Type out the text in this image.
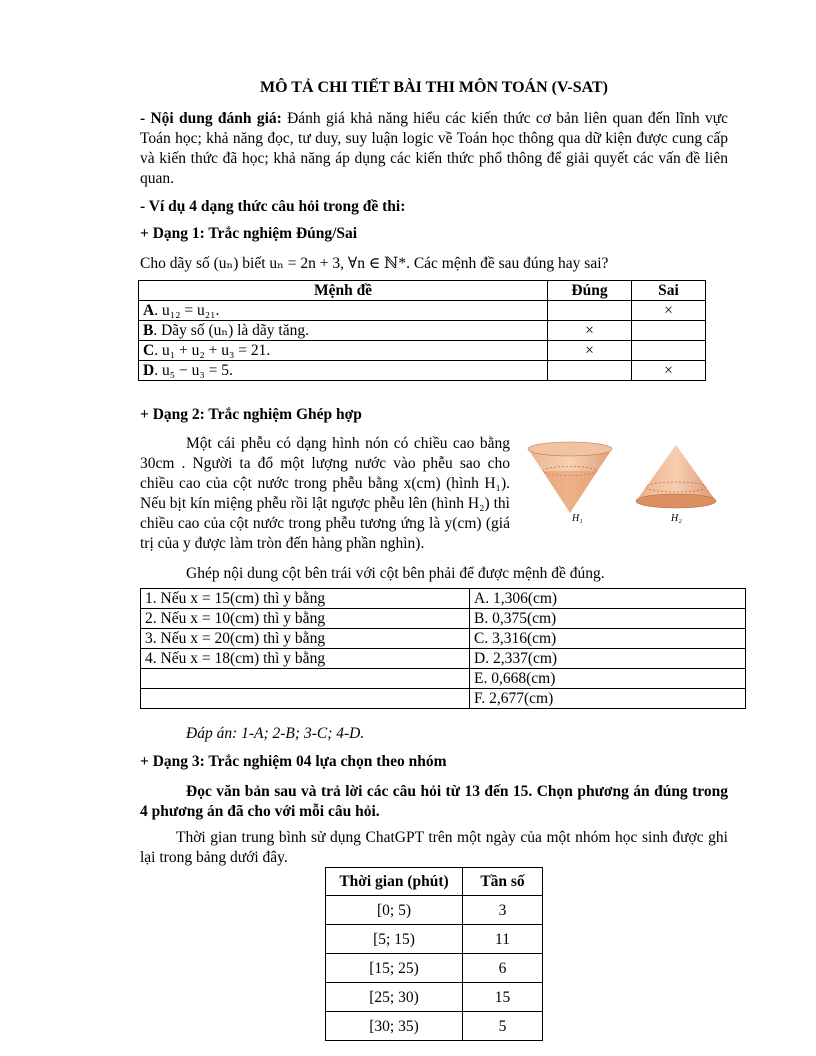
MÔ TẢ CHI TIẾT BÀI THI MÔN TOÁN (V-SAT)
- Nội dung đánh giá: Đánh giá khả năng hiểu các kiến thức cơ bản liên quan đến lĩnh vực Toán học; khả năng đọc, tư duy, suy luận logic về Toán học thông qua dữ kiện được cung cấp và kiến thức đã học; khả năng áp dụng các kiến thức phổ thông để giải quyết các vấn đề liên quan.
- Ví dụ 4 dạng thức câu hỏi trong đề thi:
+ Dạng 1: Trắc nghiệm Đúng/Sai
Cho dãy số (uₙ) biết uₙ = 2n + 3, ∀n ∈ ℕ*. Các mệnh đề sau đúng hay sai?
Mệnh đề	Đúng	Sai
A. u₁₂ = u₂₁.		×
B. Dãy số (uₙ) là dãy tăng.	×	
C. u₁ + u₂ + u₃ = 21.	×	
D. u₅ − u₃ = 5.		×
+ Dạng 2: Trắc nghiệm Ghép hợp
Một cái phễu có dạng hình nón có chiều cao bằng 30cm . Người ta đổ một lượng nước vào phễu sao cho chiều cao của cột nước trong phễu bằng x(cm) (hình H₁). Nếu bịt kín miệng phễu rồi lật ngược phễu lên (hình H₂) thì chiều cao của cột nước trong phễu tương ứng là y(cm) (giá trị của y được làm tròn đến hàng phần nghìn).
H₁	H₂
Ghép nội dung cột bên trái với cột bên phải để được mệnh đề đúng.
1. Nếu x = 15(cm) thì y bằng	A. 1,306(cm)
2. Nếu x = 10(cm) thì y bằng	B. 0,375(cm)
3. Nếu x = 20(cm) thì y bằng	C. 3,316(cm)
4. Nếu x = 18(cm) thì y bằng	D. 2,337(cm)
	E. 0,668(cm)
	F. 2,677(cm)
Đáp án: 1-A; 2-B; 3-C; 4-D.
+ Dạng 3: Trắc nghiệm 04 lựa chọn theo nhóm
Đọc văn bản sau và trả lời các câu hỏi từ 13 đến 15. Chọn phương án đúng trong 4 phương án đã cho với mỗi câu hỏi.
Thời gian trung bình sử dụng ChatGPT trên một ngày của một nhóm học sinh được ghi lại trong bảng dưới đây.
Thời gian (phút)	Tần số
[0; 5)	3
[5; 15)	11
[15; 25)	6
[25; 30)	15
[30; 35)	5
